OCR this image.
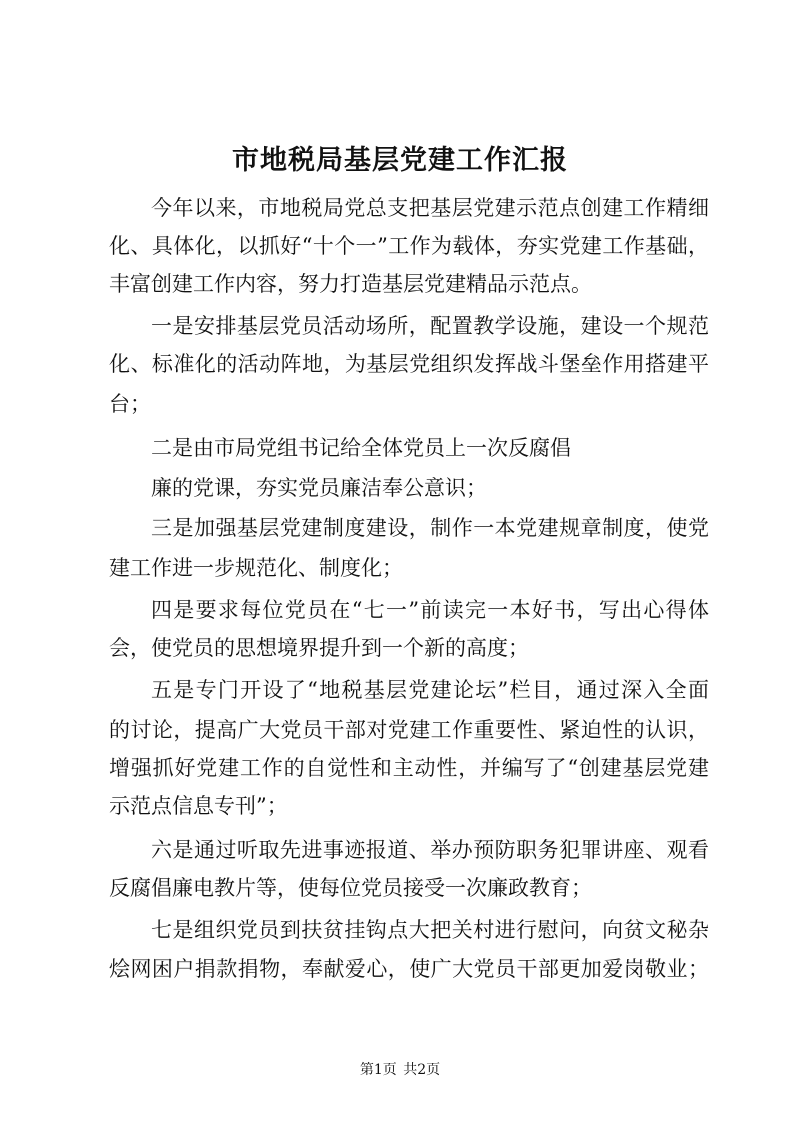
市地税局基层党建工作汇报
今年以来，市地税局党总支把基层党建示范点创建工作精细
化、具体化，以抓好“十个一”工作为载体，夯实党建工作基础，
丰富创建工作内容，努力打造基层党建精品示范点。
一是安排基层党员活动场所，配置教学设施，建设一个规范
化、标准化的活动阵地，为基层党组织发挥战斗堡垒作用搭建平
台；
二是由市局党组书记给全体党员上一次反腐倡
廉的党课，夯实党员廉洁奉公意识；
三是加强基层党建制度建设，制作一本党建规章制度，使党
建工作进一步规范化、制度化；
四是要求每位党员在“七一”前读完一本好书，写出心得体
会，使党员的思想境界提升到一个新的高度；
五是专门开设了“地税基层党建论坛”栏目，通过深入全面
的讨论，提高广大党员干部对党建工作重要性、紧迫性的认识，
增强抓好党建工作的自觉性和主动性，并编写了“创建基层党建
示范点信息专刊”；
六是通过听取先进事迹报道、举办预防职务犯罪讲座、观看
反腐倡廉电教片等，使每位党员接受一次廉政教育；
七是组织党员到扶贫挂钩点大把关村进行慰问，向贫文秘杂
烩网困户捐款捐物，奉献爱心，使广大党员干部更加爱岗敬业；
第1页 共2页
